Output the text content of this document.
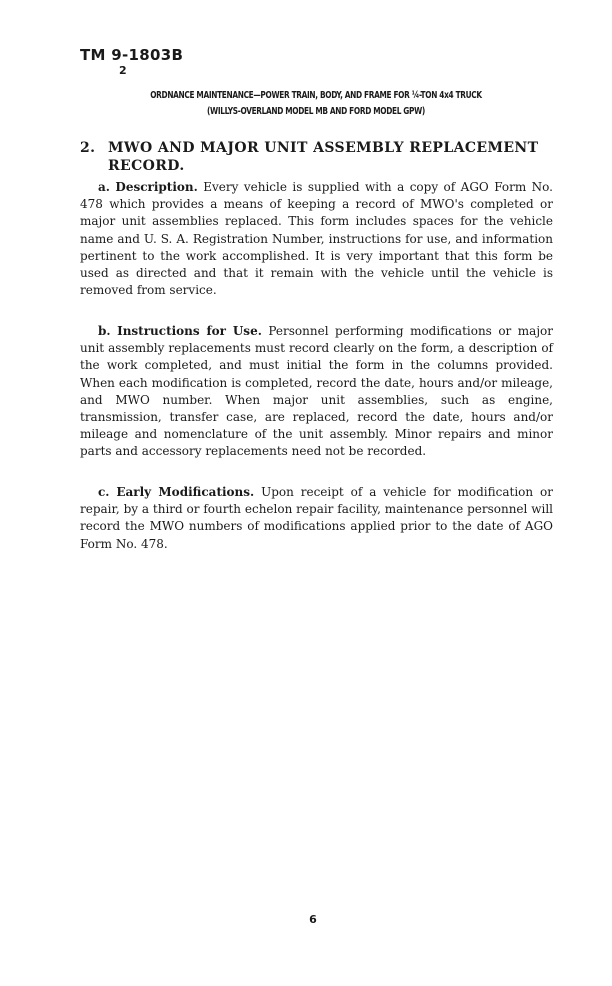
TM 9-1803B
2
ORDNANCE MAINTENANCE—POWER TRAIN, BODY, AND FRAME FOR ¼-TON 4x4 TRUCK
(WILLYS-OVERLAND MODEL MB AND FORD MODEL GPW)
2. MWO AND MAJOR UNIT ASSEMBLY REPLACEMENT
RECORD.
a. Description. Every vehicle is supplied with a copy of AGO Form No. 478 which provides a means of keeping a record of MWO's completed or major unit assemblies replaced. This form includes spaces for the vehicle name and U. S. A. Registration Number, instructions for use, and information pertinent to the work accomplished. It is very important that this form be used as directed and that it remain with the vehicle until the vehicle is removed from service.
b. Instructions for Use. Personnel performing modifications or major unit assembly replacements must record clearly on the form, a description of the work completed, and must initial the form in the columns provided. When each modification is completed, record the date, hours and/or mileage, and MWO number. When major unit assemblies, such as engine, transmission, transfer case, are replaced, record the date, hours and/or mileage and nomenclature of the unit assembly. Minor repairs and minor parts and accessory replacements need not be recorded.
c. Early Modifications. Upon receipt of a vehicle for modification or repair, by a third or fourth echelon repair facility, maintenance personnel will record the MWO numbers of modifications applied prior to the date of AGO Form No. 478.
6
